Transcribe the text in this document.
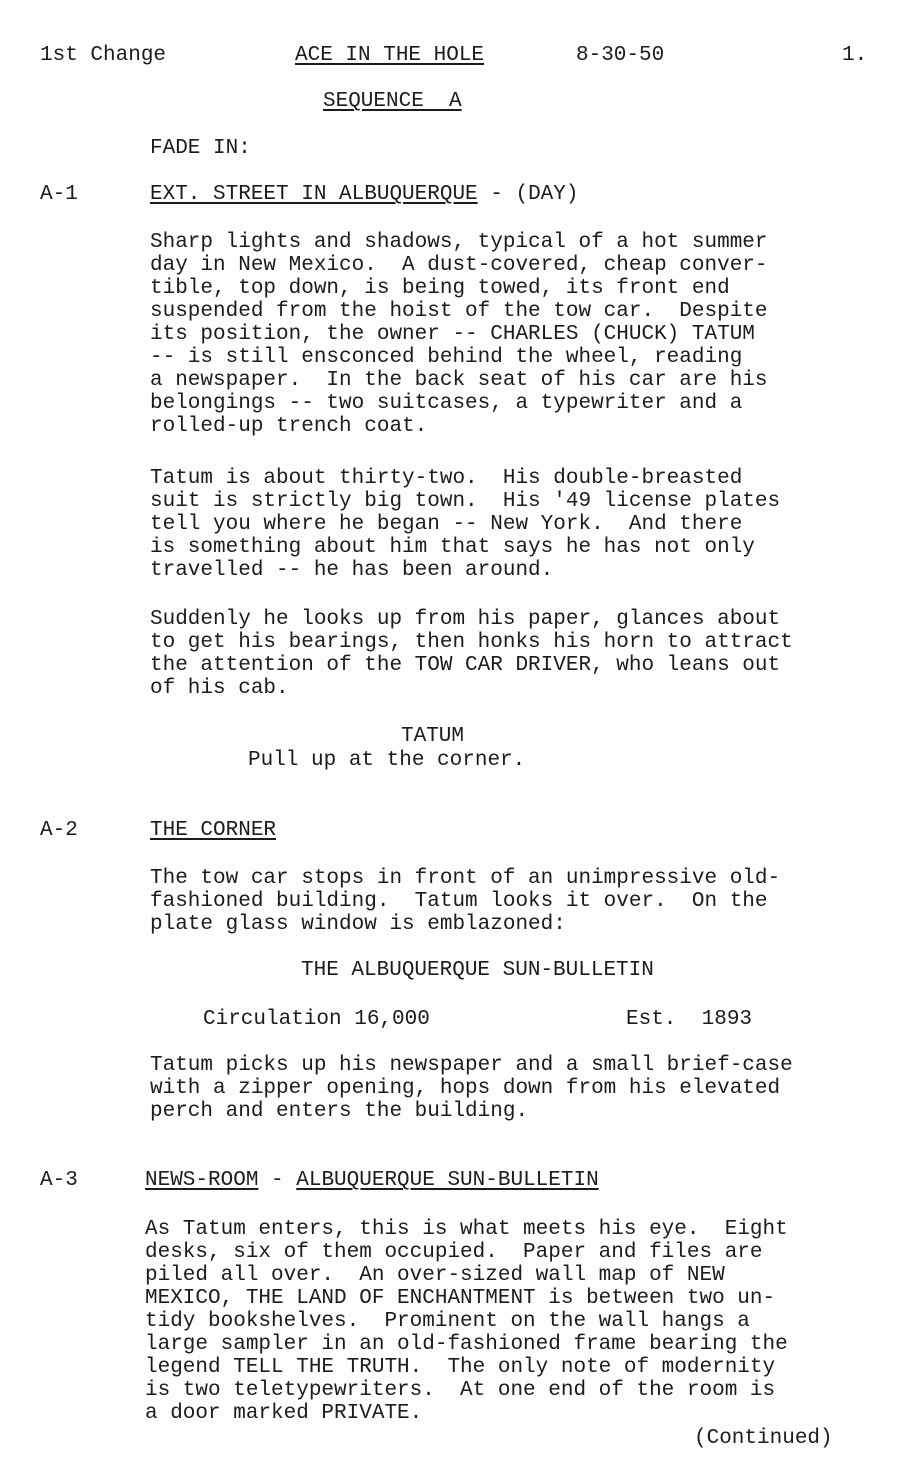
1st Change	ACE IN THE HOLE	8-30-50	1.
SEQUENCE  A
FADE IN:
A-1	EXT. STREET IN ALBUQUERQUE - (DAY)
Sharp lights and shadows, typical of a hot summer
day in New Mexico.  A dust-covered, cheap conver-
tible, top down, is being towed, its front end
suspended from the hoist of the tow car.  Despite
its position, the owner -- CHARLES (CHUCK) TATUM
-- is still ensconced behind the wheel, reading
a newspaper.  In the back seat of his car are his
belongings -- two suitcases, a typewriter and a
rolled-up trench coat.
Tatum is about thirty-two.  His double-breasted
suit is strictly big town.  His '49 license plates
tell you where he began -- New York.  And there
is something about him that says he has not only
travelled -- he has been around.
Suddenly he looks up from his paper, glances about
to get his bearings, then honks his horn to attract
the attention of the TOW CAR DRIVER, who leans out
of his cab.
TATUM
Pull up at the corner.
A-2	THE CORNER
The tow car stops in front of an unimpressive old-
fashioned building.  Tatum looks it over.  On the
plate glass window is emblazoned:
THE ALBUQUERQUE SUN-BULLETIN
Circulation 16,000	Est.  1893
Tatum picks up his newspaper and a small brief-case
with a zipper opening, hops down from his elevated
perch and enters the building.
A-3	NEWS-ROOM - ALBUQUERQUE SUN-BULLETIN
As Tatum enters, this is what meets his eye.  Eight
desks, six of them occupied.  Paper and files are
piled all over.  An over-sized wall map of NEW
MEXICO, THE LAND OF ENCHANTMENT is between two un-
tidy bookshelves.  Prominent on the wall hangs a
large sampler in an old-fashioned frame bearing the
legend TELL THE TRUTH.  The only note of modernity
is two teletypewriters.  At one end of the room is
a door marked PRIVATE.
(Continued)
